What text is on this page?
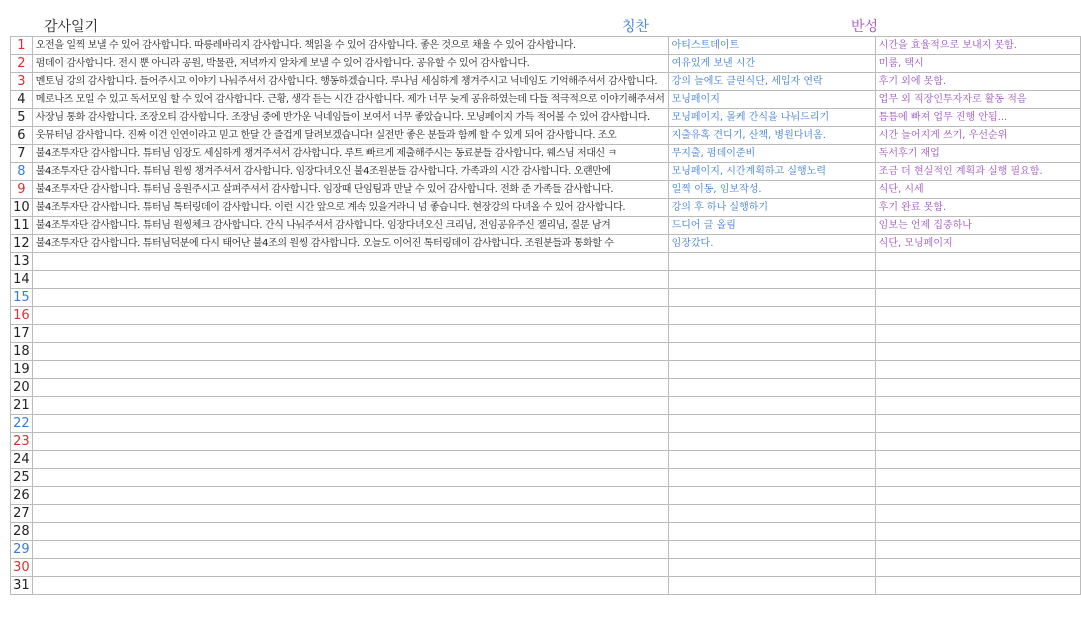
감사일기	칭찬	반성
1	오전을 일찍 보낼 수 있어 감사합니다. 따릉레바리지 감사합니다. 책읽을 수 있어 감사합니다. 좋은 것으로 채울 수 있어 감사합니다.	아티스트데이트	시간을 효율적으로 보내지 못함.
2	펌데이 감사합니다. 전시 뿐 아니라 공원, 박물관, 저녁까지 알차게 보낼 수 있어 감사합니다. 공유할 수 있어 감사합니다.	여유있게 보낸 시간	미룸, 택시
3	멘토님 강의 감사합니다. 들어주시고 이야기 나눠주셔서 감사합니다. 행동하겠습니다. 루나님 세심하게 챙겨주시고 닉네임도 기억해주셔서 감사합니다.	강의 늘에도 클린식단, 세입자 연락	후기 외에 못함.
4	메로나즈 모일 수 있고 독서모임 할 수 있어 감사합니다. 근황, 생각 듣는 시간 감사합니다. 제가 너무 늦게 공유하였는데 다들 적극적으로 이야기해주셔서	모닝페이지	업무 외 직장인투자자로 활동 적음
5	사장님 통화 감사합니다. 조장오티 감사합니다. 조장님 중에 반가운 닉네임들이 보여서 너무 좋았습니다. 모닝페이지 가득 적어볼 수 있어 감사합니다.	모닝페이지, 몰케 간식을 나눠드리기	틈틈에 빠져 업무 진행 안됨...
6	웃뮤터님 감사합니다. 진짜 이건 인연이라고 믿고 한달 간 즐겁게 달려보겠습니다! 실전반 좋은 분들과 함께 할 수 있게 되어 감사합니다. 조오	지출유혹 견디기, 산책, 병원다녀옴.	시간 늘어지게 쓰기, 우선순위
7	불4조투자단 감사합니다. 튜터님 임장도 세심하게 챙겨주셔서 감사합니다. 루트 빠르게 제출해주시는 동료분들 감사합니다. 웨스님 저대신 ㅋ	무지출, 펌데이준비	독서후기 재업
8	불4조투자단 감사합니다. 튜터님 원씽 챙겨주셔서 감사합니다. 임장다녀오신 불4조원분들 감사합니다. 가족과의 시간 감사합니다. 오랜만에	모닝페이지, 시간계획하고 실행노력	조금 더 현실적인 계획과 실행 필요함.
9	불4조투자단 감사합니다. 튜터님 응원주시고 살펴주셔서 감사합니다. 임장때 단임팀과 만날 수 있어 감사합니다. 전화 준 가족들 감사합니다.	일찍 이동, 임보작성.	식단, 시세
10	불4조투자단 감사합니다. 튜터님 톡터링데이 감사합니다. 이런 시간 앞으로 계속 있을거라니 넘 좋습니다. 현장강의 다녀올 수 있어 감사합니다.	강의 후 하나 실행하기	후기 완료 못함.
11	불4조투자단 감사합니다. 튜터님 원씽체크 감사합니다. 간식 나눠주셔서 감사합니다. 임장다녀오신 크리님, 전임공유주신 젤리님, 질문 남겨	드디어 글 올림	임보는 언제 집중하나
12	불4조투자단 감사합니다. 튜터님덕분에 다시 태어난 불4조의 원씽 감사합니다. 오늘도 이어진 톡터링데이 감사합니다. 조원분들과 통화할 수	임장갔다.	식단, 모닝페이지
13			
14			
15			
16			
17			
18			
19			
20			
21			
22			
23			
24			
25			
26			
27			
28			
29			
30			
31			
